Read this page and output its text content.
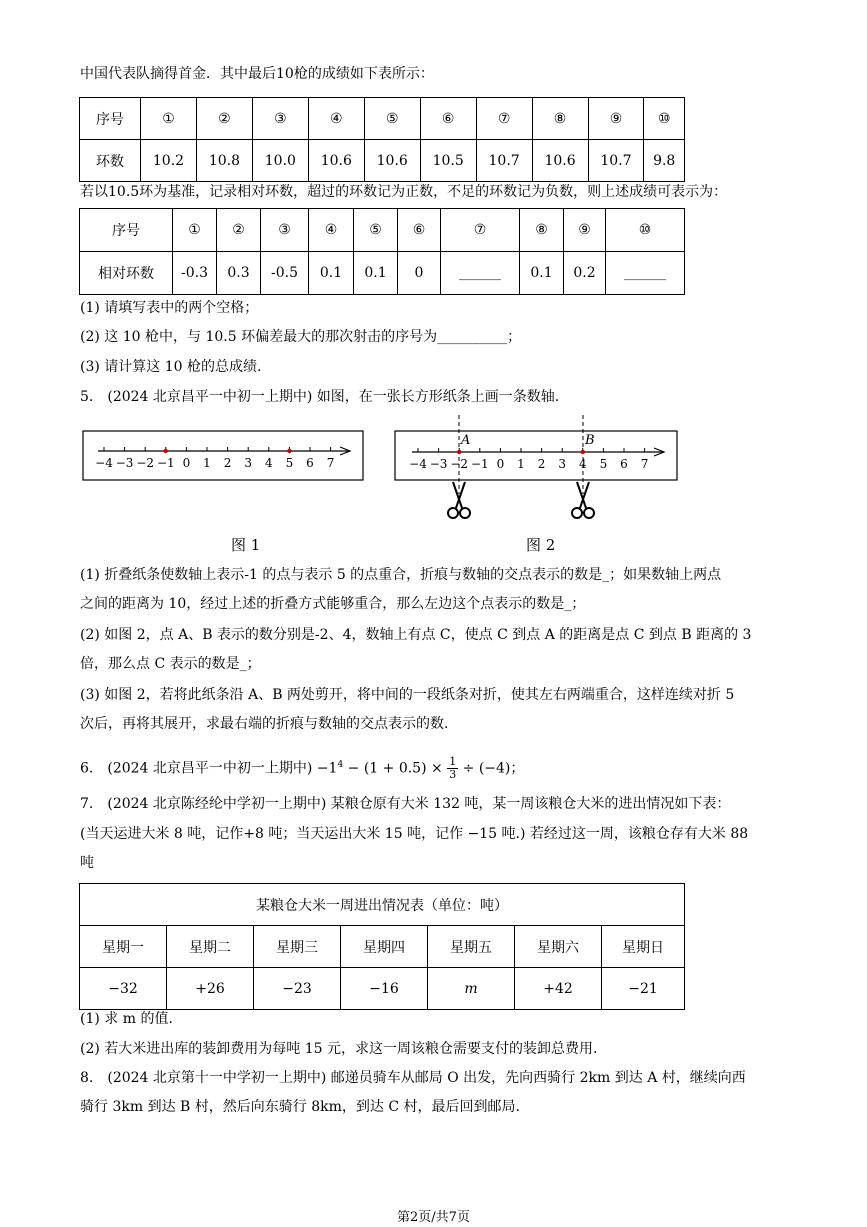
中国代表队摘得首金．其中最后10枪的成绩如下表所示：
序号	①	②	③	④	⑤	⑥	⑦	⑧	⑨	⑩
环数	10.2	10.8	10.0	10.6	10.6	10.5	10.7	10.6	10.7	9.8
若以10.5环为基准，记录相对环数，超过的环数记为正数，不足的环数记为负数，则上述成绩可表示为：
序号	①	②	③	④	⑤	⑥	⑦	⑧	⑨	⑩
相对环数	-0.3	0.3	-0.5	0.1	0.1	0	______	0.1	0.2	______
(1) 请填写表中的两个空格；
(2) 这 10 枪中，与 10.5 环偏差最大的那次射击的序号为__________；
(3) 请计算这 10 枪的总成绩.
5.　(2024 北京昌平一中初一上期中) 如图，在一张长方形纸条上画一条数轴.
−4 −3 −2 −1 0 1 2 3 4 5 6 7
A	B
−4 −3 −2 −1 0 1 2 3 4 5 6 7
图 1	图 2
(1) 折叠纸条使数轴上表示-1 的点与表示 5 的点重合，折痕与数轴的交点表示的数是_；如果数轴上两点
之间的距离为 10，经过上述的折叠方式能够重合，那么左边这个点表示的数是_；
(2) 如图 2，点 A、B 表示的数分别是-2、4，数轴上有点 C，使点 C 到点 A 的距离是点 C 到点 B 距离的 3
倍，那么点 C 表示的数是_；
(3) 如图 2，若将此纸条沿 A、B 两处剪开，将中间的一段纸条对折，使其左右两端重合，这样连续对折 5
次后，再将其展开，求最右端的折痕与数轴的交点表示的数.
6.　(2024 北京昌平一中初一上期中) $-1^4 - (1 + 0.5) \times \frac{1}{3} \div (-4)$；
7.　(2024 北京陈经纶中学初一上期中) 某粮仓原有大米 132 吨，某一周该粮仓大米的进出情况如下表：
(当天运进大米 8 吨，记作+8 吨；当天运出大米 15 吨，记作 −15 吨.) 若经过这一周，该粮仓存有大米 88
吨
某粮仓大米一周进出情况表（单位：吨）						
星期一	星期二	星期三	星期四	星期五	星期六	星期日
−32	+26	−23	−16	m	+42	−21
(1) 求 m 的值.
(2) 若大米进出库的装卸费用为每吨 15 元，求这一周该粮仓需要支付的装卸总费用.
8.　(2024 北京第十一中学初一上期中) 邮递员骑车从邮局 O 出发，先向西骑行 2km 到达 A 村，继续向西
骑行 3km 到达 B 村，然后向东骑行 8km，到达 C 村，最后回到邮局.
第2页/共7页
